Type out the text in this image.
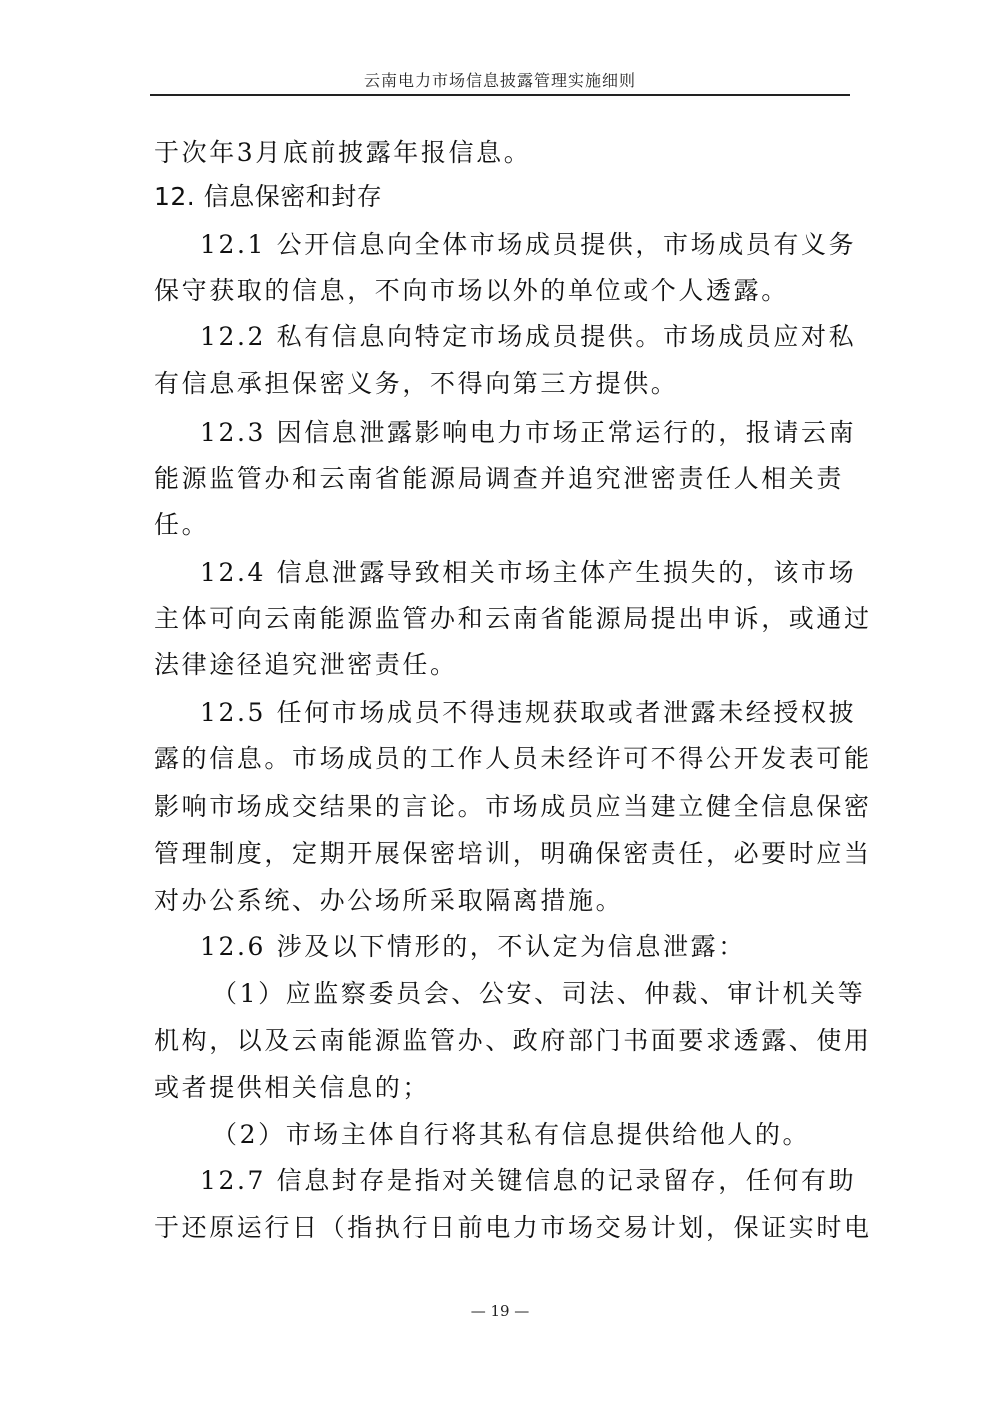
云南电力市场信息披露管理实施细则
于次年3月底前披露年报信息。
12. 信息保密和封存
12.1 公开信息向全体市场成员提供，市场成员有义务
保守获取的信息，不向市场以外的单位或个人透露。
12.2 私有信息向特定市场成员提供。市场成员应对私
有信息承担保密义务，不得向第三方提供。
12.3 因信息泄露影响电力市场正常运行的，报请云南
能源监管办和云南省能源局调查并追究泄密责任人相关责
任。
12.4 信息泄露导致相关市场主体产生损失的，该市场
主体可向云南能源监管办和云南省能源局提出申诉，或通过
法律途径追究泄密责任。
12.5 任何市场成员不得违规获取或者泄露未经授权披
露的信息。市场成员的工作人员未经许可不得公开发表可能
影响市场成交结果的言论。市场成员应当建立健全信息保密
管理制度，定期开展保密培训，明确保密责任，必要时应当
对办公系统、办公场所采取隔离措施。
12.6 涉及以下情形的，不认定为信息泄露：
（1）应监察委员会、公安、司法、仲裁、审计机关等
机构，以及云南能源监管办、政府部门书面要求透露、使用
或者提供相关信息的；
（2）市场主体自行将其私有信息提供给他人的。
12.7 信息封存是指对关键信息的记录留存，任何有助
于还原运行日（指执行日前电力市场交易计划，保证实时电
— 19 —
